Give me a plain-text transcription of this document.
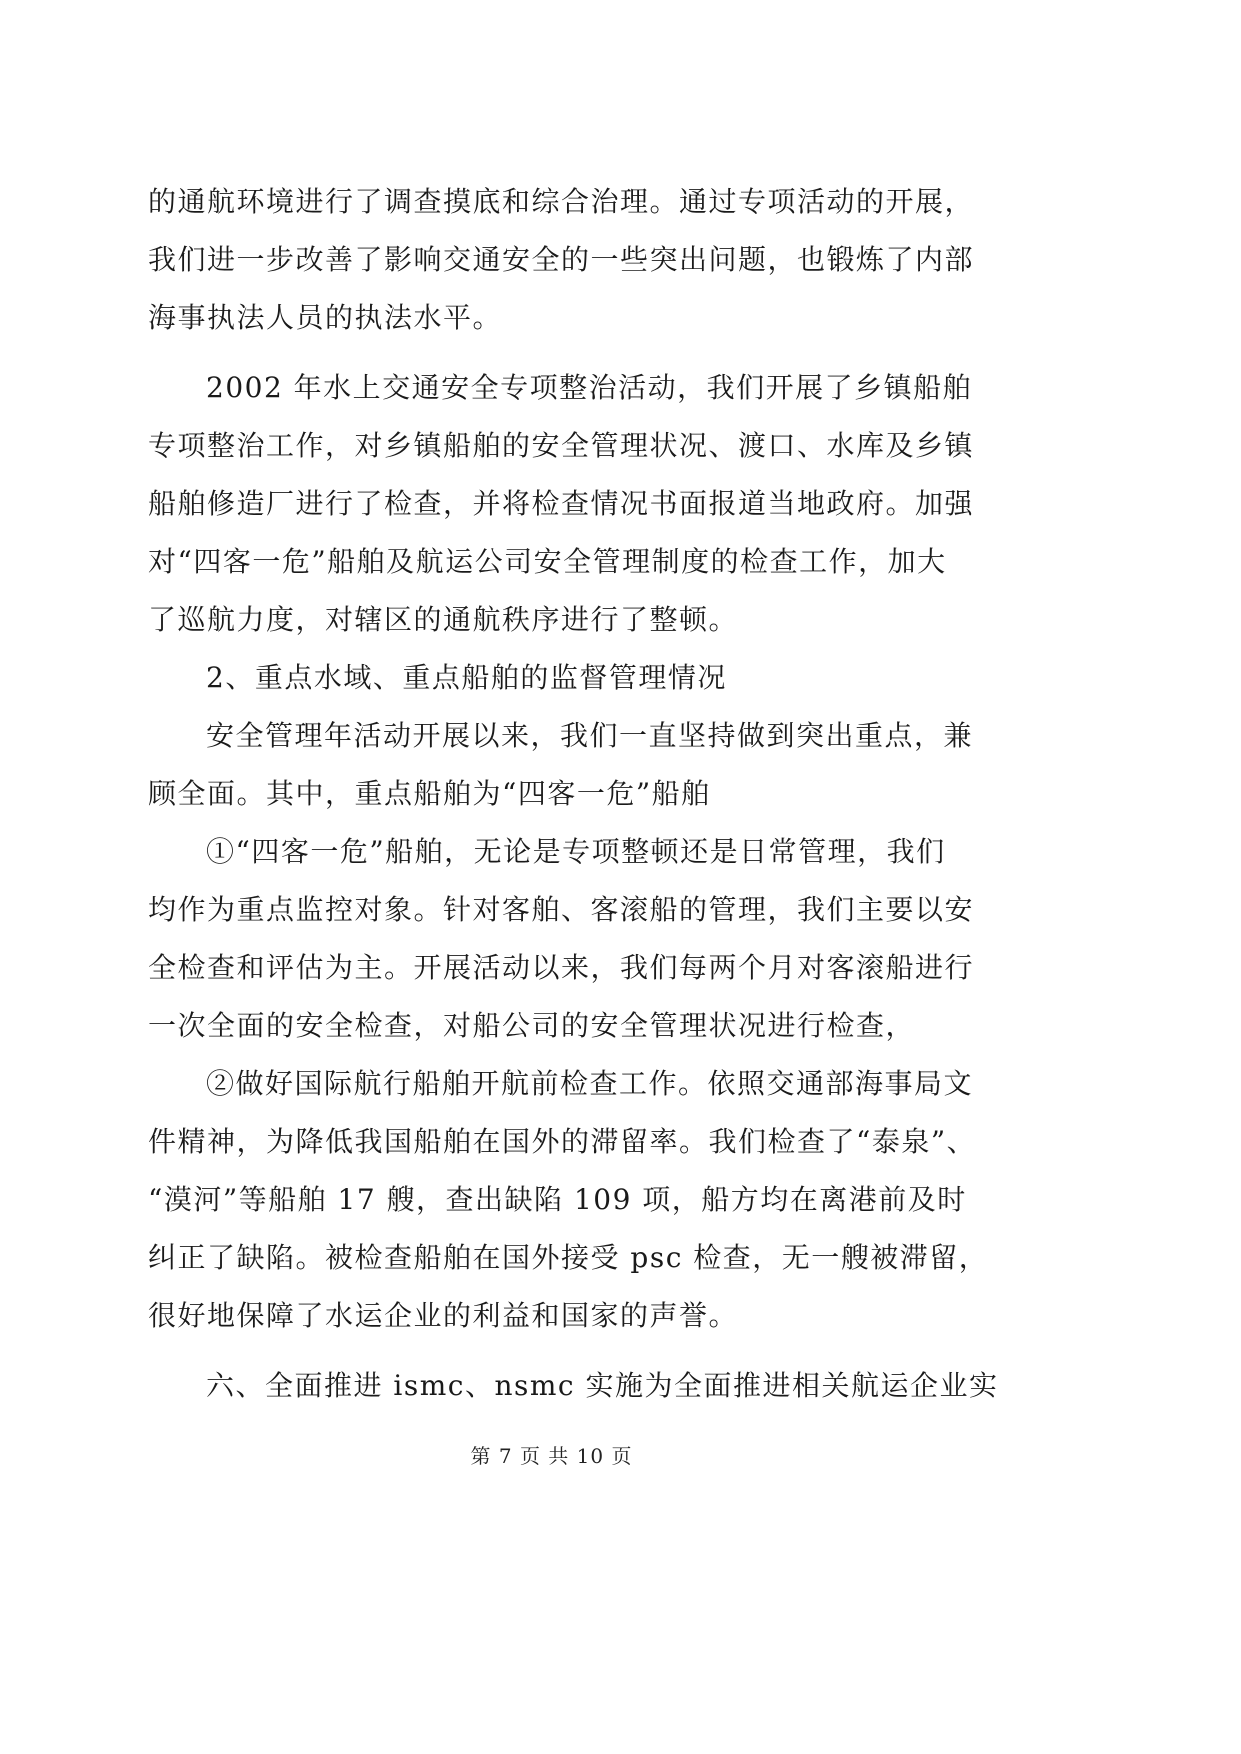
的通航环境进行了调查摸底和综合治理。通过专项活动的开展，
我们进一步改善了影响交通安全的一些突出问题，也锻炼了内部
海事执法人员的执法水平。
2002 年水上交通安全专项整治活动，我们开展了乡镇船舶
专项整治工作，对乡镇船舶的安全管理状况、渡口、水库及乡镇
船舶修造厂进行了检查，并将检查情况书面报道当地政府。加强
对“四客一危”船舶及航运公司安全管理制度的检查工作，加大
了巡航力度，对辖区的通航秩序进行了整顿。
2、重点水域、重点船舶的监督管理情况
安全管理年活动开展以来，我们一直坚持做到突出重点，兼
顾全面。其中，重点船舶为“四客一危”船舶
①“四客一危”船舶，无论是专项整顿还是日常管理，我们
均作为重点监控对象。针对客舶、客滚船的管理，我们主要以安
全检查和评估为主。开展活动以来，我们每两个月对客滚船进行
一次全面的安全检查，对船公司的安全管理状况进行检查，
②做好国际航行船舶开航前检查工作。依照交通部海事局文
件精神，为降低我国船舶在国外的滞留率。我们检查了“泰泉”、
“漠河”等船舶 17 艘，查出缺陷 109 项，船方均在离港前及时
纠正了缺陷。被检查船舶在国外接受 psc 检查，无一艘被滞留，
很好地保障了水运企业的利益和国家的声誉。
六、全面推进 ismc、nsmc 实施为全面推进相关航运企业实
第 7 页 共 10 页
